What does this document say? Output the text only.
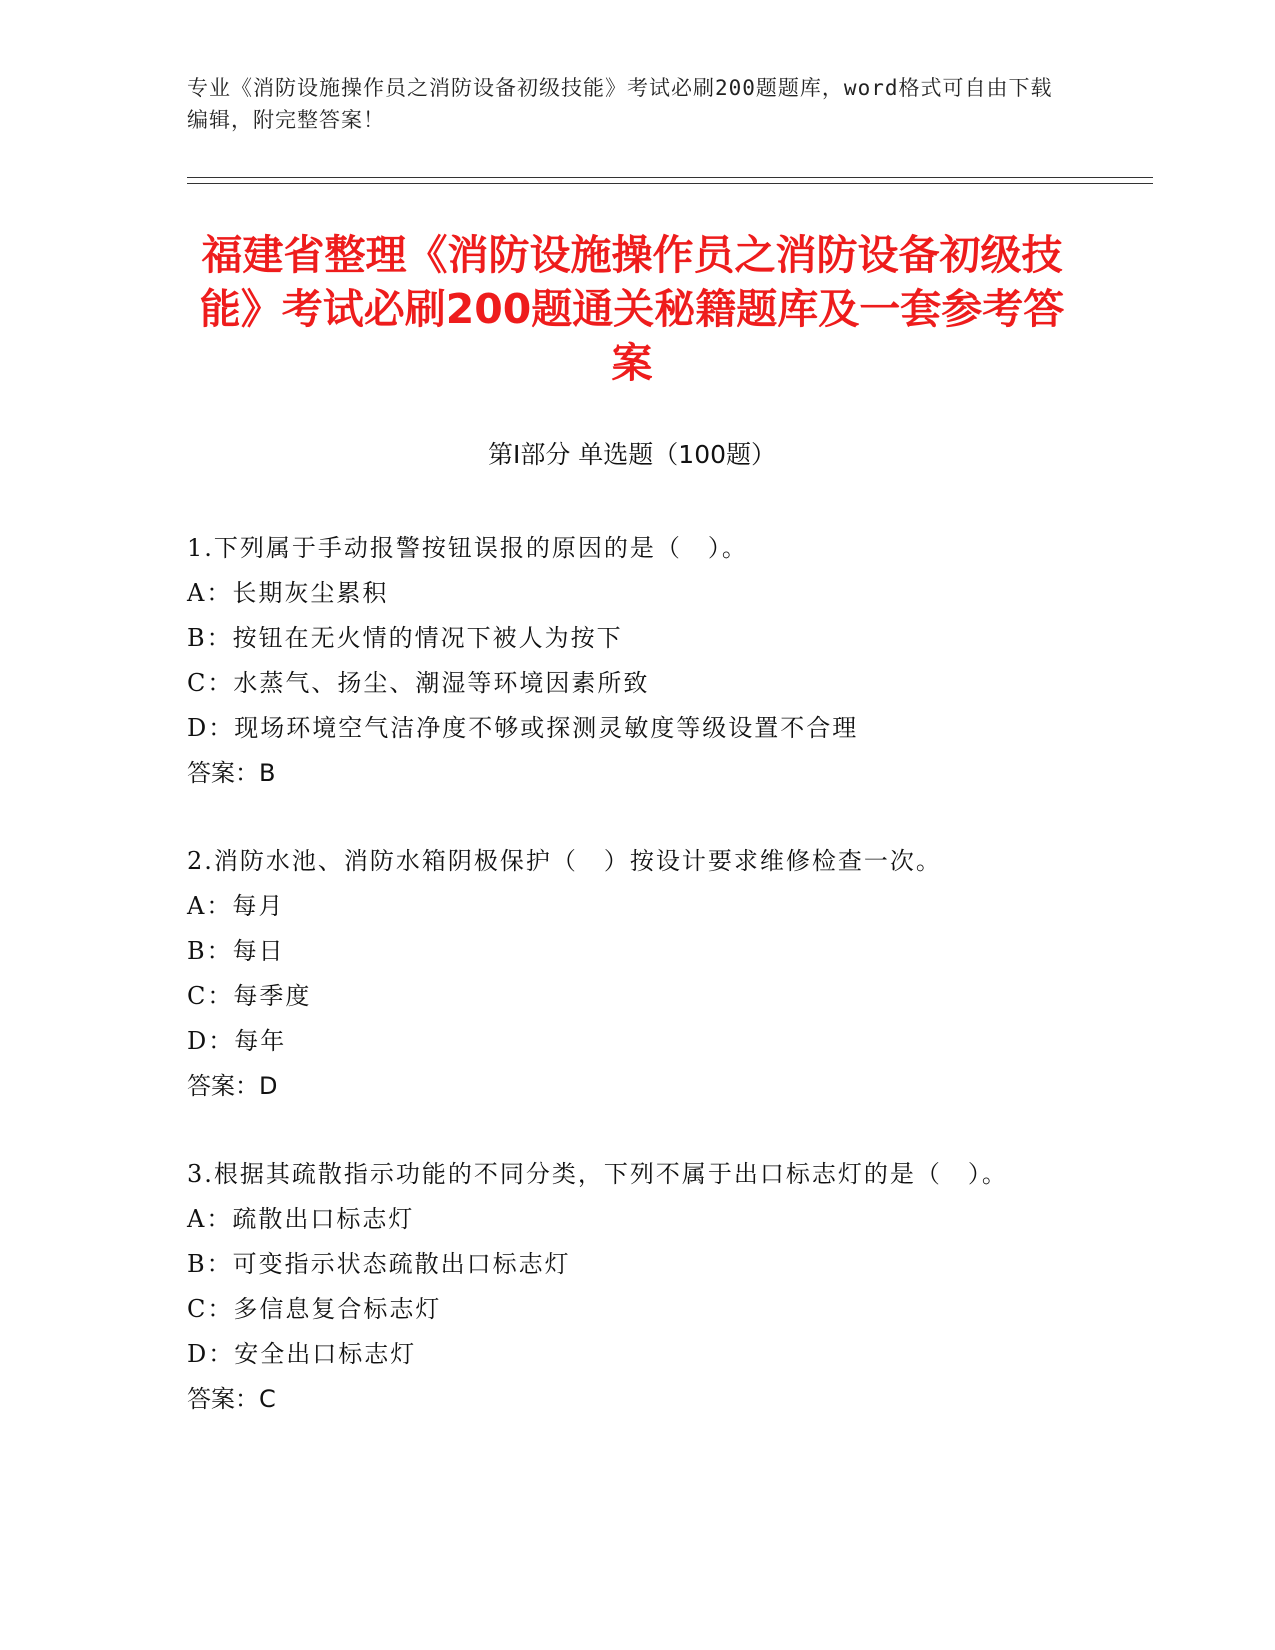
专业《消防设施操作员之消防设备初级技能》考试必刷200题题库，word格式可自由下载编辑，附完整答案！
福建省整理《消防设施操作员之消防设备初级技能》考试必刷200题通关秘籍题库及一套参考答案
第Ⅰ部分 单选题（100题）
1.下列属于手动报警按钮误报的原因的是（　）。
A：长期灰尘累积
B：按钮在无火情的情况下被人为按下
C：水蒸气、扬尘、潮湿等环境因素所致
D：现场环境空气洁净度不够或探测灵敏度等级设置不合理
答案：B
2.消防水池、消防水箱阴极保护（　）按设计要求维修检查一次。
A：每月
B：每日
C：每季度
D：每年
答案：D
3.根据其疏散指示功能的不同分类，下列不属于出口标志灯的是（　）。
A：疏散出口标志灯
B：可变指示状态疏散出口标志灯
C：多信息复合标志灯
D：安全出口标志灯
答案：C
